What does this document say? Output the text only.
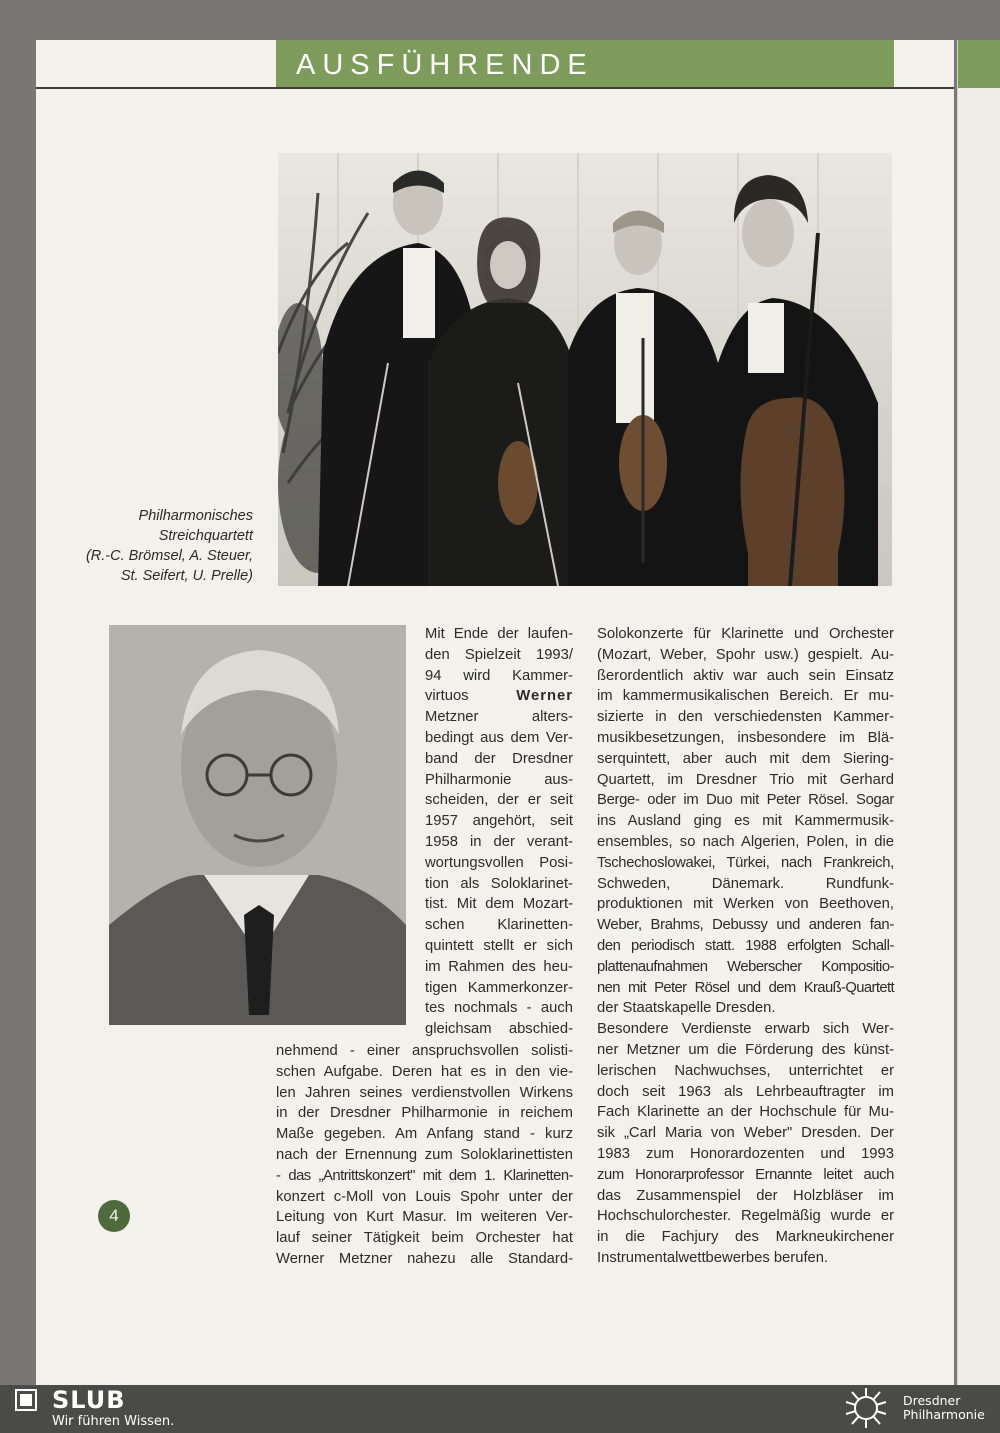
AUSFÜHRENDE
Philharmonisches
Streichquartett
(R.-C. Brömsel, A. Steuer,
St. Seifert, U. Prelle)
Mit Ende der laufen-
den Spielzeit 1993/
94 wird Kammer-
virtuos Werner
Metzner alters-
bedingt aus dem Ver-
band der Dresdner
Philharmonie aus-
scheiden, der er seit
1957 angehört, seit
1958 in der verant-
wortungsvollen Posi-
tion als Soloklarinet-
tist. Mit dem Mozart-
schen Klarinetten-
quintett stellt er sich
im Rahmen des heu-
tigen Kammerkonzer-
tes nochmals - auch
gleichsam abschied-
nehmend - einer anspruchsvollen solisti-
schen Aufgabe. Deren hat es in den vie-
len Jahren seines verdienstvollen Wirkens
in der Dresdner Philharmonie in reichem
Maße gegeben. Am Anfang stand - kurz
nach der Ernennung zum Soloklarinettisten
- das „Antrittskonzert" mit dem 1. Klarinetten-
konzert c-Moll von Louis Spohr unter der
Leitung von Kurt Masur. Im weiteren Ver-
lauf seiner Tätigkeit beim Orchester hat
Werner Metzner nahezu alle Standard-
Solokonzerte für Klarinette und Orchester
(Mozart, Weber, Spohr usw.) gespielt. Au-
ßerordentlich aktiv war auch sein Einsatz
im kammermusikalischen Bereich. Er mu-
sizierte in den verschiedensten Kammer-
musikbesetzungen, insbesondere im Blä-
serquintett, aber auch mit dem Siering-
Quartett, im Dresdner Trio mit Gerhard
Berge- oder im Duo mit Peter Rösel. Sogar
ins Ausland ging es mit Kammermusik-
ensembles, so nach Algerien, Polen, in die
Tschechoslowakei, Türkei, nach Frankreich,
Schweden, Dänemark. Rundfunk-
produktionen mit Werken von Beethoven,
Weber, Brahms, Debussy und anderen fan-
den periodisch statt. 1988 erfolgten Schall-
plattenaufnahmen Weberscher Kompositio-
nen mit Peter Rösel und dem Krauß-Quartett
der Staatskapelle Dresden.
Besondere Verdienste erwarb sich Wer-
ner Metzner um die Förderung des künst-
lerischen Nachwuchses, unterrichtet er
doch seit 1963 als Lehrbeauftragter im
Fach Klarinette an der Hochschule für Mu-
sik „Carl Maria von Weber" Dresden. Der
1983 zum Honorardozenten und 1993
zum Honorarprofessor Ernannte leitet auch
das Zusammenspiel der Holzbläser im
Hochschulorchester. Regelmäßig wurde er
in die Fachjury des Markneukirchener
Instrumentalwettbewerbes berufen.
4
SLUB
Wir führen Wissen.
Dresdner
Philharmonie
